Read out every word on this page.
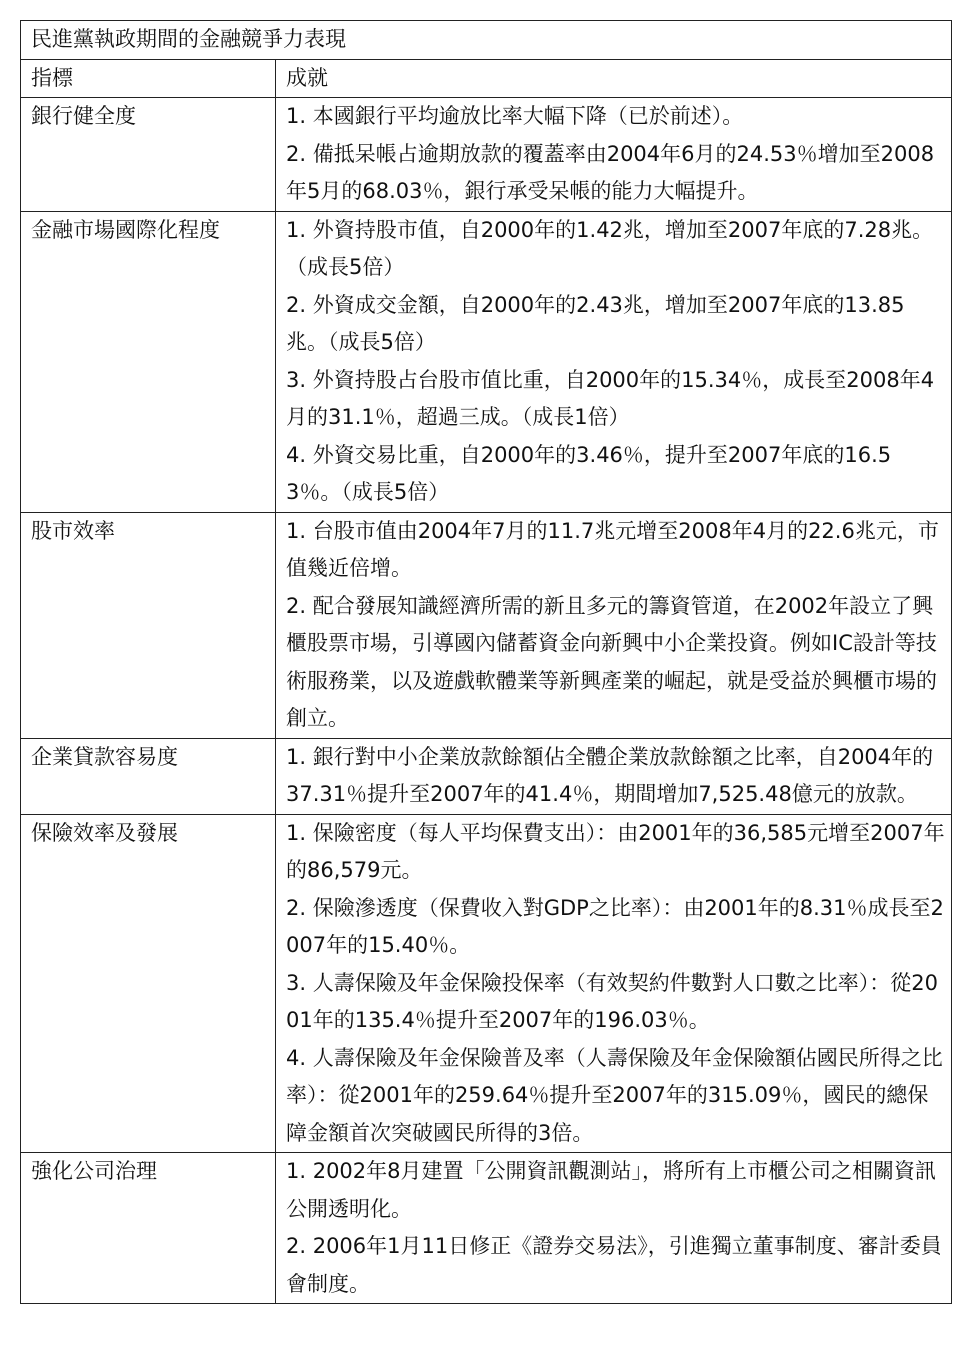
民進黨執政期間的金融競爭力表現	
指標	成就
銀行健全度	1. 本國銀行平均逾放比率大幅下降（已於前述）。
2. 備抵呆帳占逾期放款的覆蓋率由2004年6月的24.53％增加至2008年5月的68.03％，銀行承受呆帳的能力大幅提升。

金融市場國際化程度	1. 外資持股市值，自2000年的1.42兆，增加至2007年底的7.28兆。（成長5倍）
2. 外資成交金額，自2000年的2.43兆，增加至2007年底的13.85兆。（成長5倍）
3. 外資持股占台股市值比重，自2000年的15.34％，成長至2008年4月的31.1％，超過三成。（成長1倍）
4. 外資交易比重，自2000年的3.46％，提升至2007年底的16.53％。（成長5倍）

股市效率	1. 台股市值由2004年7月的11.7兆元增至2008年4月的22.6兆元，市值幾近倍增。
2. 配合發展知識經濟所需的新且多元的籌資管道，在2002年設立了興櫃股票市場，引導國內儲蓄資金向新興中小企業投資。例如IC設計等技術服務業，以及遊戲軟體業等新興產業的崛起，就是受益於興櫃市場的創立。

企業貸款容易度	1. 銀行對中小企業放款餘額佔全體企業放款餘額之比率，自2004年的37.31％提升至2007年的41.4％，期間增加7,525.48億元的放款。

保險效率及發展	1. 保險密度（每人平均保費支出）：由2001年的36,585元增至2007年的86,579元。
2. 保險滲透度（保費收入對GDP之比率）：由2001年的8.31％成長至2007年的15.40％。
3. 人壽保險及年金保險投保率（有效契約件數對人口數之比率）：從2001年的135.4％提升至2007年的196.03％。
4. 人壽保險及年金保險普及率（人壽保險及年金保險額佔國民所得之比率）：從2001年的259.64％提升至2007年的315.09％，國民的總保障金額首次突破國民所得的3倍。

強化公司治理	1. 2002年8月建置「公開資訊觀測站」，將所有上市櫃公司之相關資訊公開透明化。
2. 2006年1月11日修正《證券交易法》，引進獨立董事制度、審計委員會制度。
